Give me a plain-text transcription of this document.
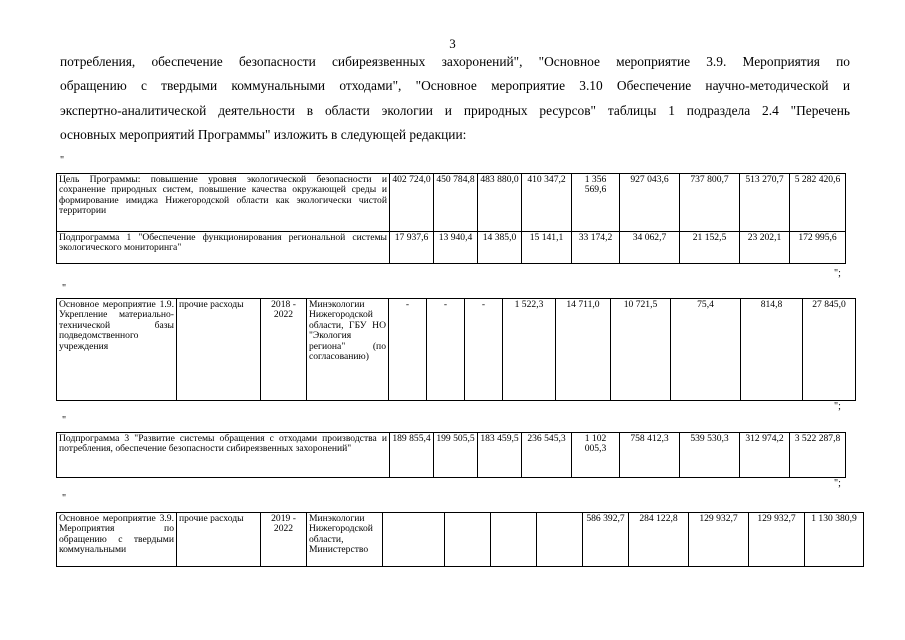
3
потребления, обеспечение безопасности сибиреязвенных захоронений", "Основное мероприятие 3.9. Мероприятия по
обращению с твердыми коммунальными отходами", "Основное мероприятие 3.10 Обеспечение научно-методической и
экспертно-аналитической деятельности в области экологии и природных ресурсов" таблицы 1 подраздела 2.4 "Перечень
основных мероприятий Программы" изложить в следующей редакции:
"
Цель Программы: повышение уровня экологической безопасности и сохранение природных систем, повышение качества окружающей среды и формирование имиджа Нижегородской области как экологически чистой территории	402 724,0	450 784,8	483 880,0	410 347,2	1 356 569,6	927 043,6	737 800,7	513 270,7	5 282 420,6
Подпрограмма 1 "Обеспечение функционирования региональной системы экологического мониторинга"	17 937,6	13 940,4	14 385,0	15 141,1	33 174,2	34 062,7	21 152,5	23 202,1	172 995,6
";
"
Основное мероприятие 1.9. Укрепление материально-технической базы подведомственного учреждения	прочие расходы	2018 - 2022	Минэкологии Нижегородской области, ГБУ НО "Экология региона" (по согласованию)	-	-	-	1 522,3	14 711,0	10 721,5	75,4	814,8	27 845,0
";
"
Подпрограмма 3 "Развитие системы обращения с отходами производства и потребления, обеспечение безопасности сибиреязвенных захоронений"	189 855,4	199 505,5	183 459,5	236 545,3	1 102 005,3	758 412,3	539 530,3	312 974,2	3 522 287,8
";
"
Основное мероприятие 3.9. Мероприятия по обращению с твердыми коммунальными	прочие расходы	2019 - 2022	Минэкологии Нижегородской области, Министерство					586 392,7	284 122,8	129 932,7	129 932,7	1 130 380,9
